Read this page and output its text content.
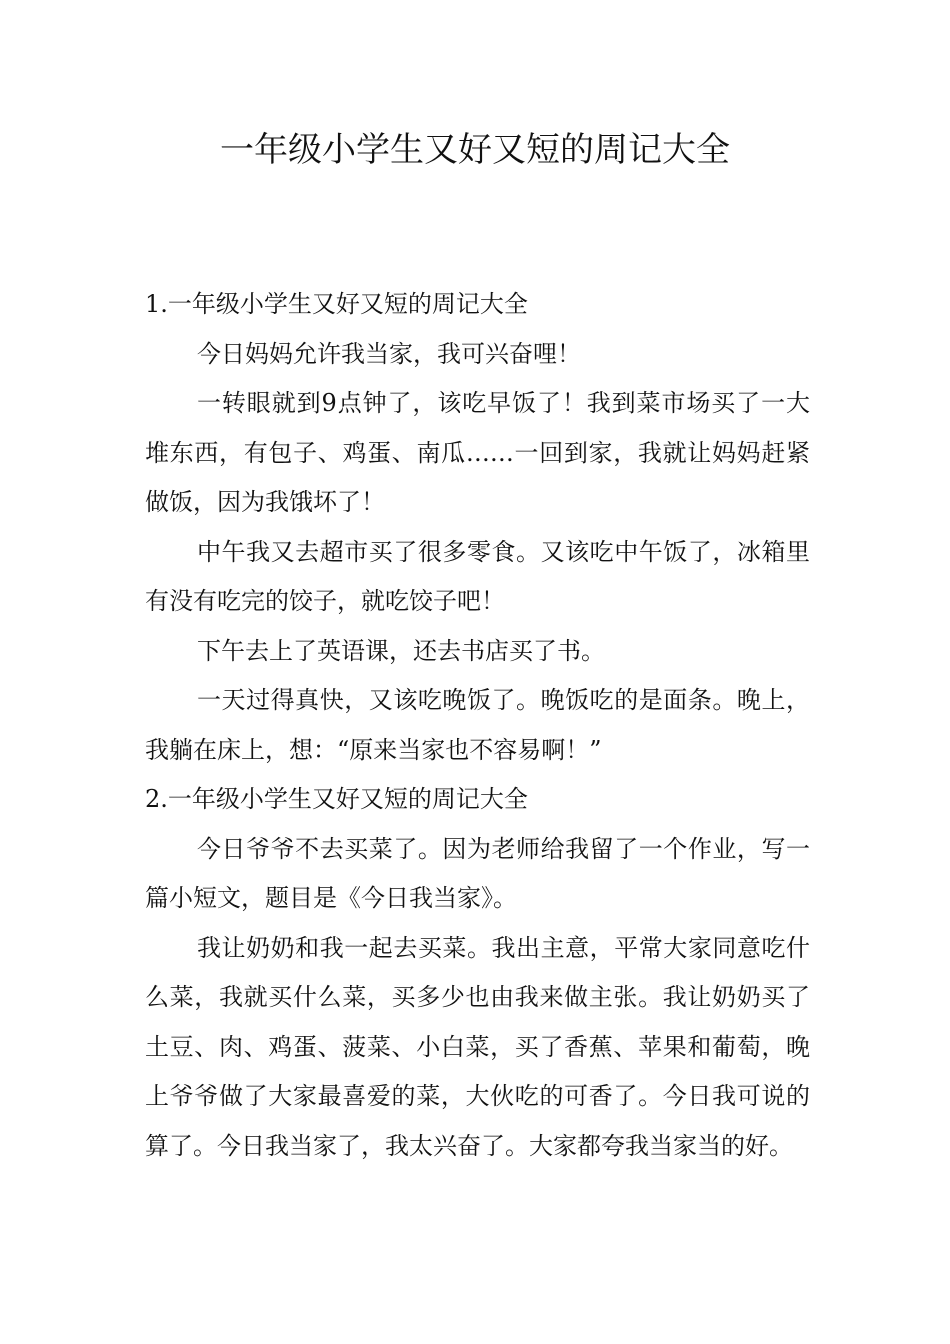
一年级小学生又好又短的周记大全

1.一年级小学生又好又短的周记大全

今日妈妈允许我当家，我可兴奋哩！

一转眼就到9点钟了，该吃早饭了！我到菜市场买了一大堆东西，有包子、鸡蛋、南瓜……一回到家，我就让妈妈赶紧做饭，因为我饿坏了！

中午我又去超市买了很多零食。又该吃中午饭了，冰箱里有没有吃完的饺子，就吃饺子吧！

下午去上了英语课，还去书店买了书。

一天过得真快，又该吃晚饭了。晚饭吃的是面条。晚上，我躺在床上，想：“原来当家也不容易啊！”

2.一年级小学生又好又短的周记大全

今日爷爷不去买菜了。因为老师给我留了一个作业，写一篇小短文，题目是《今日我当家》。

我让奶奶和我一起去买菜。我出主意，平常大家同意吃什么菜，我就买什么菜，买多少也由我来做主张。我让奶奶买了土豆、肉、鸡蛋、菠菜、小白菜，买了香蕉、苹果和葡萄，晚上爷爷做了大家最喜爱的菜，大伙吃的可香了。今日我可说的算了。今日我当家了，我太兴奋了。大家都夸我当家当的好。
